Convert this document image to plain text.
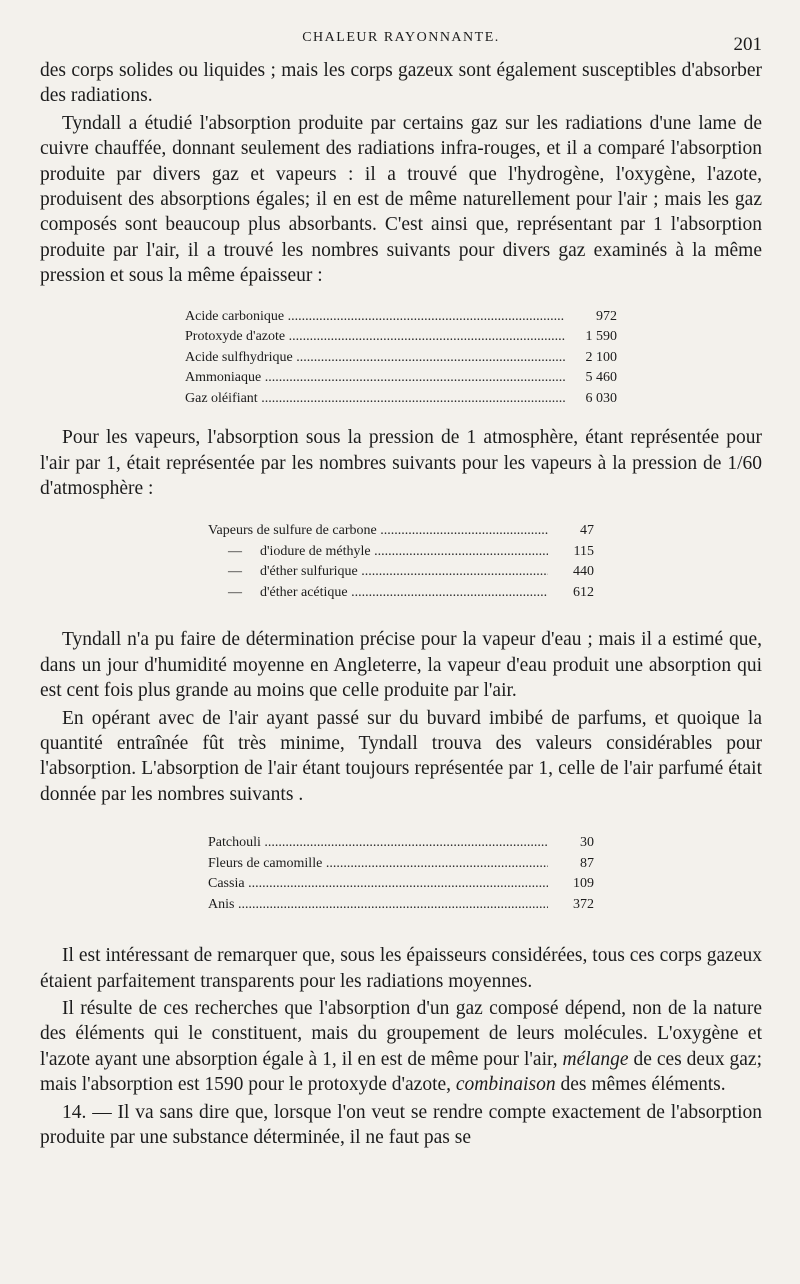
CHALEUR RAYONNANTE.	201

des corps solides ou liquides ; mais les corps gazeux sont également susceptibles d'absorber des radiations.

Tyndall a étudié l'absorption produite par certains gaz sur les radiations d'une lame de cuivre chauffée, donnant seulement des radiations infra-rouges, et il a comparé l'absorption produite par divers gaz et vapeurs : il a trouvé que l'hydrogène, l'oxygène, l'azote, produisent des absorptions égales; il en est de même naturellement pour l'air ; mais les gaz composés sont beaucoup plus absorbants. C'est ainsi que, représentant par 1 l'absorption produite par l'air, il a trouvé les nombres suivants pour divers gaz examinés à la même pression et sous la même épaisseur :

Acide carbonique .....	972
Protoxyde d'azote .....	1 590
Acide sulfhydrique .....	2 100
Ammoniaque .....	5 460
Gaz oléifiant .....	6 030

Pour les vapeurs, l'absorption sous la pression de 1 atmosphère, étant représentée pour l'air par 1, était représentée par les nombres suivants pour les vapeurs à la pression de 1/60 d'atmosphère :

Vapeurs de sulfure de carbone .....	47
—	d'iodure de méthyle .....	115
—	d'éther sulfurique .....	440
—	d'éther acétique .....	612

Tyndall n'a pu faire de détermination précise pour la vapeur d'eau ; mais il a estimé que, dans un jour d'humidité moyenne en Angleterre, la vapeur d'eau produit une absorption qui est cent fois plus grande au moins que celle produite par l'air.

En opérant avec de l'air ayant passé sur du buvard imbibé de parfums, et quoique la quantité entraînée fût très minime, Tyndall trouva des valeurs considérables pour l'absorption. L'absorption de l'air étant toujours représentée par 1, celle de l'air parfumé était donnée par les nombres suivants .

Patchouli .....	30
Fleurs de camomille .....	87
Cassia .....	109
Anis .....	372

Il est intéressant de remarquer que, sous les épaisseurs considérées, tous ces corps gazeux étaient parfaitement transparents pour les radiations moyennes.

Il résulte de ces recherches que l'absorption d'un gaz composé dépend, non de la nature des éléments qui le constituent, mais du groupement de leurs molécules. L'oxygène et l'azote ayant une absorption égale à 1, il en est de même pour l'air, mélange de ces deux gaz; mais l'absorption est 1590 pour le protoxyde d'azote, combinaison des mêmes éléments.

14. — Il va sans dire que, lorsque l'on veut se rendre compte exactement de l'absorption produite par une substance déterminée, il ne faut pas se
